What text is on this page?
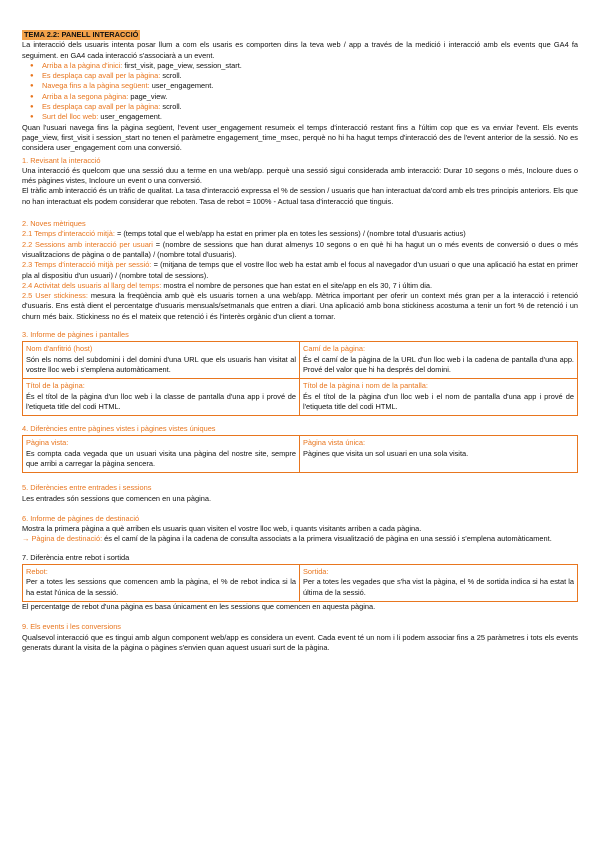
TEMA 2.2: PANELL INTERACCIÓ

La interacció dels usuaris intenta posar llum a com els usaris es comporten dins la teva web / app a través de la medició i interacció amb els events que GA4 fa seguiment. en GA4 cada interacció s'associarà a un event.

● Arriba a la pàgina d'inici: first_visit, page_view, session_start.
● Es desplaça cap avall per la pàgina: scroll.
● Navega fins a la pàgina següent: user_engagement.
● Arriba a la segona pàgina: page_view.
● Es desplaça cap avall per la pàgina: scroll.
● Surt del lloc web: user_engagement.

Quan l'usuari navega fins la pàgina següent, l'event user_engagement resumeix el temps d'interacció restant fins a l'últim cop que es va enviar l'event. Els events page_view, first_visit i session_start no tenen el paràmetre engagement_time_msec, perquè no hi ha hagut temps d'interacció des de l'event anterior de la sessió. No es considera user_engagement com una conversió.

1. Revisant la interacció

Una interacció és quelcom que una sessió duu a terme en una web/app. perquè una sessió sigui considerada amb interacció: Durar 10 segons o més, Incloure dues o més pàgines vistes, Incloure un event o una conversió.

El tràfic amb interacció és un tràfic de qualitat. La tasa d'interacció expressa el % de session / usuaris que han interactuat da'cord amb els tres principis anteriors. Els que no han interactuat els podem considerar que reboten. Tasa de rebot = 100% - Actual tasa d'interacció que tinguis.

2. Noves mètriques

2.1 Temps d'interacció mitjà: = (temps total que el web/app ha estat en primer pla en totes les sessions) / (nombre total d'usuaris actius)

2.2 Sessions amb interacció per usuari = (nombre de sessions que han durat almenys 10 segons o en què hi ha hagut un o més events de conversió o dues o més visualitzacions de pàgina o de pantalla) / (nombre total d'usuaris).

2.3 Temps d'interacció mitjà per sessió: = (mitjana de temps que el vostre lloc web ha estat amb el focus al navegador d'un usuari o que una aplicació ha estat en primer pla al dispositiu d'un usuari) / (nombre total de sessions).

2.4 Activitat dels usuaris al llarg del temps: mostra el nombre de persones que han estat en el site/app en els 30, 7 i últim dia.

2.5 User stickiness: mesura la freqüència amb què els usuaris tornen a una web/app. Mètrica important per oferir un context més gran per a la interacció i retenció d'usuaris. Ens està dient el percentatge d'usuaris mensuals/setmanals que entren a diari. Una aplicació amb bona stickiness acostuma a tenir un fort % de retenció i un churn més baix. Stickiness no és el mateix que retenció i és l'interès orgànic d'un client a tornar.

3. Informe de pàgines i pantalles
Nom d'anfitrió (host)
Són els noms del subdomini i del domini d'una URL que els usuaris han visitat al vostre lloc web i s'emplena automàticament.
Camí de la pàgina:
És el camí de la pàgina de la URL d'un lloc web i la cadena de pantalla d'una app. Prové del valor que hi ha després del domini.
Títol de la pàgina:
És el títol de la pàgina d'un lloc web i la classe de pantalla d'una app i prové de l'etiqueta title del codi HTML.
Títol de la pàgina i nom de la pantalla:
És el títol de la pàgina d'un lloc web i el nom de pantalla d'una app i prové de l'etiqueta title del codi HTML.
4. Diferències entre pàgines vistes i pàgines vistes úniques
Pàgina vista:
Es compta cada vegada que un usuari visita una pàgina del nostre site, sempre que arribi a carregar la pàgina sencera.
Pàgina vista única:
Pàgines que visita un sol usuari en una sola visita.
5. Diferències entre entrades i sessions

Les entrades són sessions que comencen en una pàgina.

6. Informe de pàgines de destinació

Mostra la primera pàgina a què arriben els usuaris quan visiten el vostre lloc web, i quants visitants arriben a cada pàgina.

→ Pàgina de destinació: és el camí de la pàgina i la cadena de consulta associats a la primera visualització de pàgina en una sessió i s'emplena automàticament.

7. Diferència entre rebot i sortida
Rebot:
Per a totes les sessions que comencen amb la pàgina, el % de rebot indica si la ha estat l'única de la sessió.
Sortida:
Per a totes les vegades que s'ha vist la pàgina, el % de sortida indica si ha estat la última de la sessió.

El percentatge de rebot d'una pàgina es basa únicament en les sessions que comencen en aquesta pàgina.

9. Els events i les conversions

Qualsevol interacció que es tingui amb algun component web/app es considera un event. Cada event té un nom i li podem associar fins a 25 paràmetres i tots els events generats durant la visita de la pàgina o pàgines s'envien quan aquest usuari surt de la pàgina.
